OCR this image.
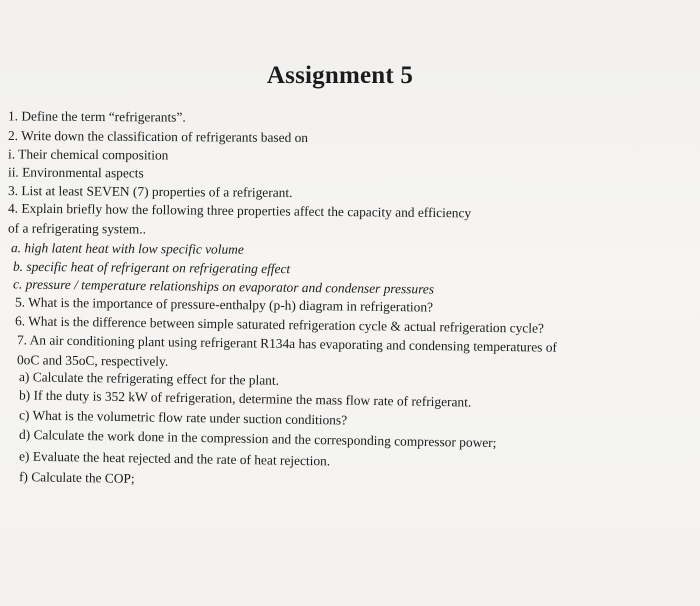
Assignment 5
1. Define the term “refrigerants”.
2. Write down the classification of refrigerants based on
i. Their chemical composition
ii. Environmental aspects
3. List at least SEVEN (7) properties of a refrigerant.
4. Explain briefly how the following three properties affect the capacity and efficiency
of a refrigerating system..
a. high latent heat with low specific volume
b. specific heat of refrigerant on refrigerating effect
c. pressure / temperature relationships on evaporator and condenser pressures
5. What is the importance of pressure-enthalpy (p-h) diagram in refrigeration?
6. What is the difference between simple saturated refrigeration cycle & actual refrigeration cycle?
7. An air conditioning plant using refrigerant R134a has evaporating and condensing temperatures of
0oC and 35oC, respectively.
a) Calculate the refrigerating effect for the plant.
b) If the duty is 352 kW of refrigeration, determine the mass flow rate of refrigerant.
c) What is the volumetric flow rate under suction conditions?
d) Calculate the work done in the compression and the corresponding compressor power;
e) Evaluate the heat rejected and the rate of heat rejection.
f) Calculate the COP;
